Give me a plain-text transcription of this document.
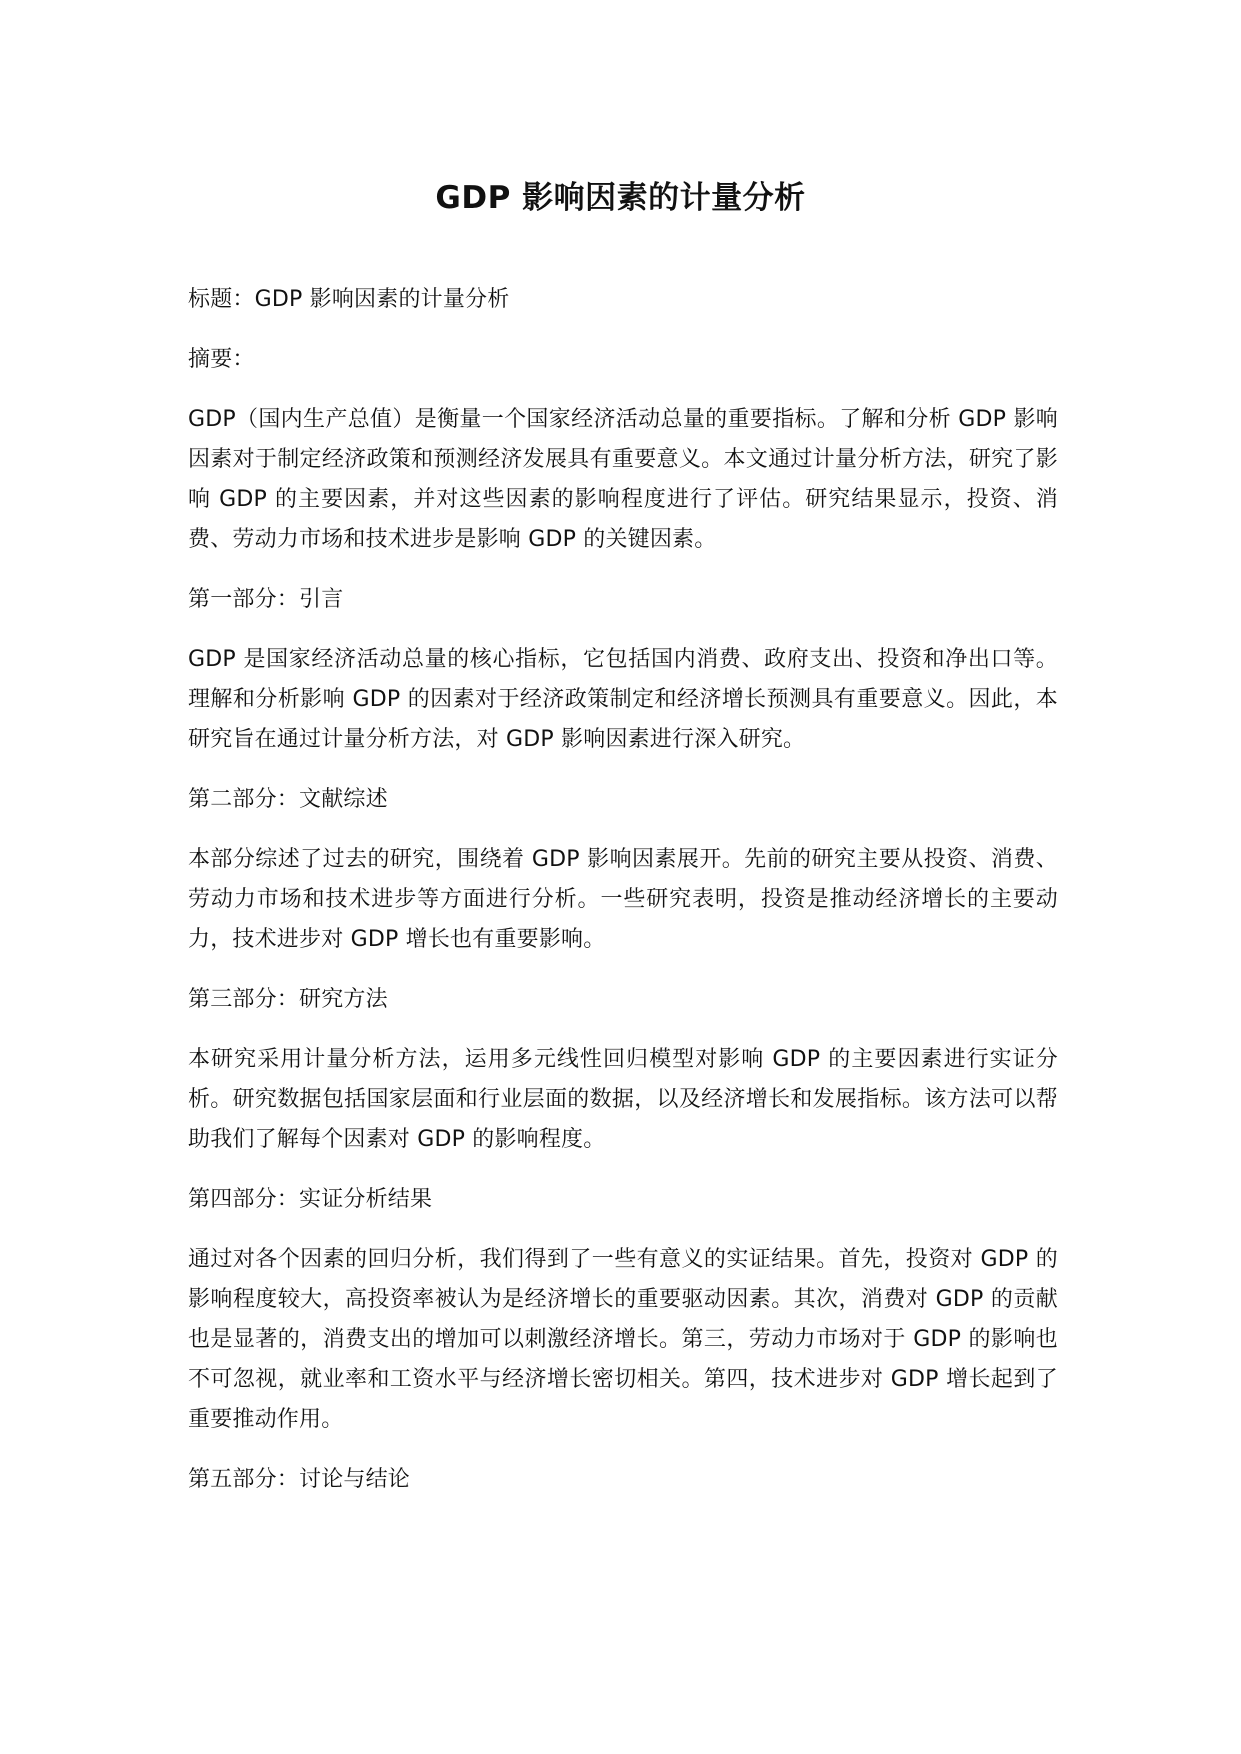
GDP 影响因素的计量分析

标题：GDP 影响因素的计量分析

摘要：

GDP（国内生产总值）是衡量一个国家经济活动总量的重要指标。了解和分析 GDP 影响因素对于制定经济政策和预测经济发展具有重要意义。本文通过计量分析方法，研究了影响 GDP 的主要因素，并对这些因素的影响程度进行了评估。研究结果显示，投资、消费、劳动力市场和技术进步是影响 GDP 的关键因素。

第一部分：引言

GDP 是国家经济活动总量的核心指标，它包括国内消费、政府支出、投资和净出口等。理解和分析影响 GDP 的因素对于经济政策制定和经济增长预测具有重要意义。因此，本研究旨在通过计量分析方法，对 GDP 影响因素进行深入研究。

第二部分：文献综述

本部分综述了过去的研究，围绕着 GDP 影响因素展开。先前的研究主要从投资、消费、劳动力市场和技术进步等方面进行分析。一些研究表明，投资是推动经济增长的主要动力，技术进步对 GDP 增长也有重要影响。

第三部分：研究方法

本研究采用计量分析方法，运用多元线性回归模型对影响 GDP 的主要因素进行实证分析。研究数据包括国家层面和行业层面的数据，以及经济增长和发展指标。该方法可以帮助我们了解每个因素对 GDP 的影响程度。

第四部分：实证分析结果

通过对各个因素的回归分析，我们得到了一些有意义的实证结果。首先，投资对 GDP 的影响程度较大，高投资率被认为是经济增长的重要驱动因素。其次，消费对 GDP 的贡献也是显著的，消费支出的增加可以刺激经济增长。第三，劳动力市场对于 GDP 的影响也不可忽视，就业率和工资水平与经济增长密切相关。第四，技术进步对 GDP 增长起到了重要推动作用。

第五部分：讨论与结论
